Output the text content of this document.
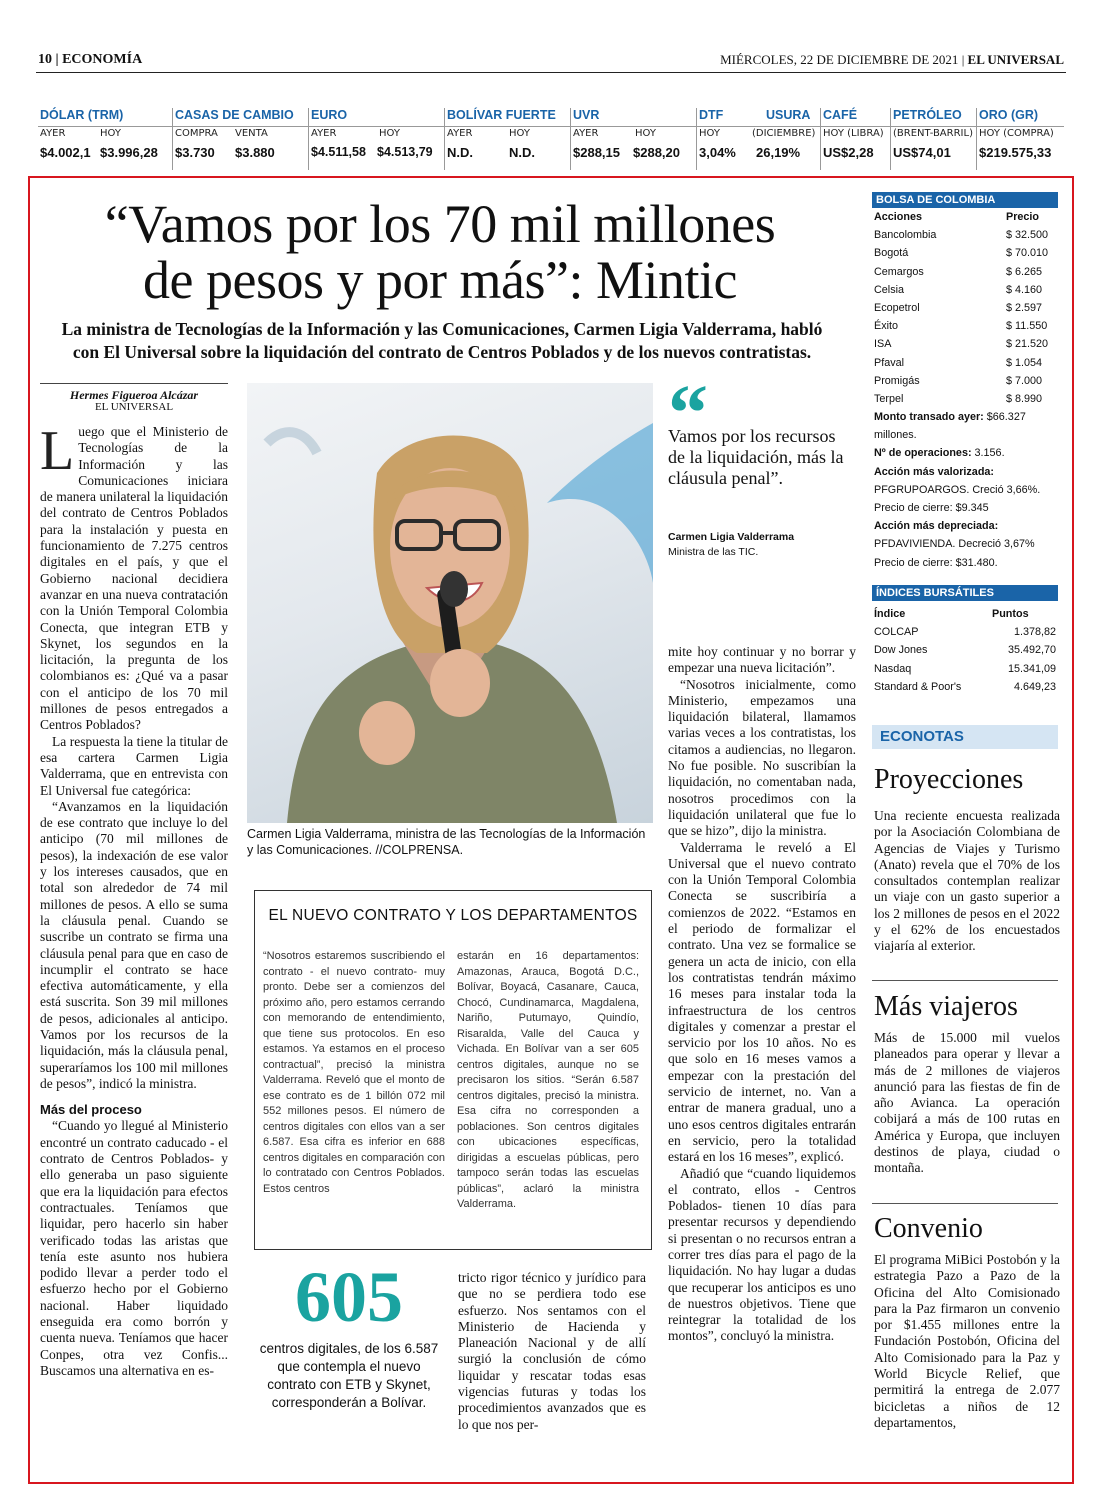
10 | ECONOMÍA	MIÉRCOLES, 22 DE DICIEMBRE DE 2021 | EL UNIVERSAL
DÓLAR (TRM)
AYER	HOY
$4.002,1 $3.996,28
CASAS DE CAMBIO
COMPRA VENTA
$3.730 $3.880
EURO
AYER	HOY
$4.511,58 $4.513,79
BOLÍVAR FUERTE
AYER	HOY
N.D.	N.D.
UVR
AYER	HOY
$288,15 $288,20
DTF
HOY
3,04%
USURA
(DICIEMBRE)
26,19%
CAFÉ
HOY (LIBRA)
US$2,28
PETRÓLEO
(BRENT-BARRIL)
US$74,01
ORO (GR)
HOY (COMPRA)
$219.575,33
“Vamos por los 70 mil millones
de pesos y por más”: Mintic
La ministra de Tecnologías de la Información y las Comunicaciones, Carmen Ligia Valderrama, habló
con El Universal sobre la liquidación del contrato de Centros Poblados y de los nuevos contratistas.
Hermes Figueroa Alcázar
EL UNIVERSAL

Luego que el Ministerio de Tecnologías de la Información y las Comunicaciones iniciara de manera unilateral la liquidación del contrato de Centros Poblados para la instalación y puesta en funcionamiento de 7.275 centros digitales en el país, y que el Gobierno nacional decidiera avanzar en una nueva contratación con la Unión Temporal Colombia Conecta, que integran ETB y Skynet, los segundos en la licitación, la pregunta de los colombianos es: ¿Qué va a pasar con el anticipo de los 70 mil millones de pesos entregados a Centros Poblados?

La respuesta la tiene la titular de esa cartera Carmen Ligia Valderrama, que en entrevista con El Universal fue categórica:

“Avanzamos en la liquidación de ese contrato que incluye lo del anticipo (70 mil millones de pesos), la indexación de ese valor y los intereses causados, que en total son alrededor de 74 mil millones de pesos. A ello se suma la cláusula penal. Cuando se suscribe un contrato se firma una cláusula penal para que en caso de incumplir el contrato se hace efectiva automáticamente, y ella está suscrita. Son 39 mil millones de pesos, adicionales al anticipo. Vamos por los recursos de la liquidación, más la cláusula penal, superaríamos los 100 mil millones de pesos”, indicó la ministra.

Más del proceso

“Cuando yo llegué al Ministerio encontré un contrato caducado - el contrato de Centros Poblados- y ello generaba un paso siguiente que era la liquidación para efectos contractuales. Teníamos que liquidar, pero hacerlo sin haber verificado todas las aristas que tenía este asunto nos hubiera podido llevar a perder todo el esfuerzo hecho por el Gobierno nacional. Haber liquidado enseguida era como borrón y cuenta nueva. Teníamos que hacer Conpes, otra vez Confis... Buscamos una alternativa en es-

Carmen Ligia Valderrama, ministra de las Tecnologías de la Información y las Comunicaciones. //COLPRENSA.
“
Vamos por los recursos de la liquidación, más la cláusula penal”.
Carmen Ligia Valderrama
Ministra de las TIC.

mite hoy continuar y no borrar y empezar una nueva licitación”.

“Nosotros inicialmente, como Ministerio, empezamos una liquidación bilateral, llamamos varias veces a los contratistas, los citamos a audiencias, no llegaron. No fue posible. No suscribían la liquidación, no comentaban nada, nosotros procedimos con la liquidación unilateral que fue lo que se hizo”, dijo la ministra.

Valderrama le reveló a El Universal que el nuevo contrato con la Unión Temporal Colombia Conecta se suscribiría a comienzos de 2022. “Estamos en el periodo de formalizar el contrato. Una vez se formalice se genera un acta de inicio, con ella los contratistas tendrán máximo 16 meses para instalar toda la infraestructura de los centros digitales y comenzar a prestar el servicio por los 10 años. No es que solo en 16 meses vamos a empezar con la prestación del servicio de internet, no. Van a entrar de manera gradual, uno a uno esos centros digitales entrarán en servicio, pero la totalidad estará en los 16 meses”, explicó.

Añadió que “cuando liquidemos el contrato, ellos - Centros Poblados- tienen 10 días para presentar recursos y dependiendo si presentan o no recursos entran a correr tres días para el pago de la liquidación. No hay lugar a dudas que recuperar los anticipos es uno de nuestros objetivos. Tiene que reintegrar la totalidad de los montos”, concluyó la ministra.

EL NUEVO CONTRATO Y LOS DEPARTAMENTOS
“Nosotros estaremos suscribiendo el contrato - el nuevo contrato- muy pronto. Debe ser a comienzos del próximo año, pero estamos cerrando con memorando de entendimiento, que tiene sus protocolos. En eso estamos. Ya estamos en el proceso contractual”, precisó la ministra Valderrama. Reveló que el monto de ese contrato es de 1 billón 072 mil 552 millones pesos. El número de centros digitales con ellos van a ser 6.587. Esa cifra es inferior en 688 centros digitales en comparación con lo contratado con Centros Poblados. Estos centros
estarán en 16 departamentos: Amazonas, Arauca, Bogotá D.C., Bolívar, Boyacá, Casanare, Cauca, Chocó, Cundinamarca, Magdalena, Nariño, Putumayo, Quindío, Risaralda, Valle del Cauca y Vichada. En Bolívar van a ser 605 centros digitales, aunque no se precisaron los sitios. “Serán 6.587 centros digitales, precisó la ministra. Esa cifra no corresponden a poblaciones. Son centros digitales con ubicaciones específicas, dirigidas a escuelas públicas, pero tampoco serán todas las escuelas públicas”, aclaró la ministra Valderrama.
605
centros digitales, de los 6.587 que contempla el nuevo contrato con ETB y Skynet, corresponderán a Bolívar.
tricto rigor técnico y jurídico para que no se perdiera todo ese esfuerzo. Nos sentamos con el Ministerio de Hacienda y Planeación Nacional y de allí surgió la conclusión de cómo liquidar y rescatar todas esas vigencias futuras y todas los procedimientos avanzados que es lo que nos per-
BOLSA DE COLOMBIA
Acciones	Precio
Bancolombia	$ 32.500
Bogotá	$ 70.010
Cemargos	$ 6.265
Celsia	$ 4.160
Ecopetrol	$ 2.597
Éxito	$ 11.550
ISA	$ 21.520
Pfaval	$ 1.054
Promigás	$ 7.000
Terpel	$ 8.990
Monto transado ayer: $66.327 millones.
Nº de operaciones: 3.156.
Acción más valorizada:
PFGRUPOARGOS. Creció 3,66%.
Precio de cierre: $9.345
Acción más depreciada:
PFDAVIVIENDA. Decreció 3,67%
Precio de cierre: $31.480.
ÍNDICES BURSÁTILES
Índice	Puntos
COLCAP	1.378,82
Dow Jones	35.492,70
Nasdaq	15.341,09
Standard & Poor's	4.649,23
ECONOTAS
Proyecciones
Una reciente encuesta realizada por la Asociación Colombiana de Agencias de Viajes y Turismo (Anato) revela que el 70% de los consultados contemplan realizar un viaje con un gasto superior a los 2 millones de pesos en el 2022 y el 62% de los encuestados viajaría al exterior.
Más viajeros
Más de 15.000 mil vuelos planeados para operar y llevar a más de 2 millones de viajeros anunció para las fiestas de fin de año Avianca. La operación cobijará a más de 100 rutas en América y Europa, que incluyen destinos de playa, ciudad o montaña.
Convenio
El programa MiBici Postobón y la estrategia Pazo a Pazo de la Oficina del Alto Comisionado para la Paz firmaron un convenio por $1.455 millones entre la Fundación Postobón, Oficina del Alto Comisionado para la Paz y World Bicycle Relief, que permitirá la entrega de 2.077 bicicletas a niños de 12 departamentos,
